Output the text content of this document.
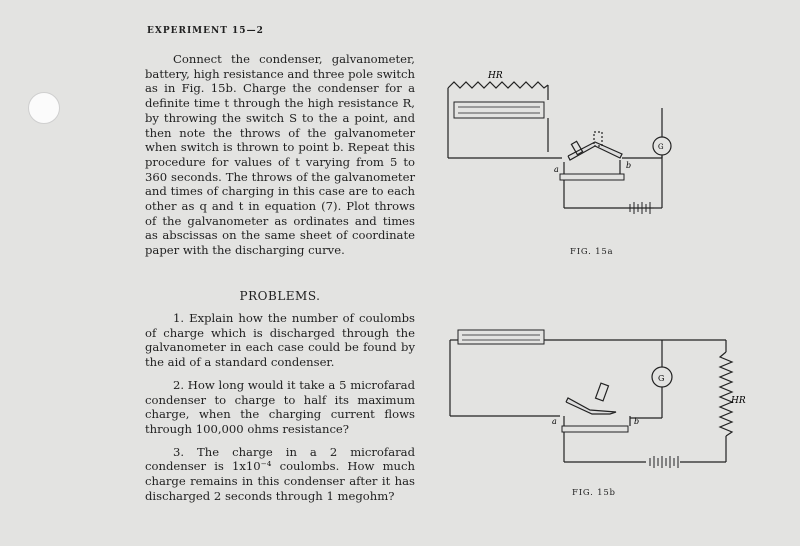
EXPERIMENT 15—2

Connect the condenser, galvanometer, battery, high resistance and three pole switch as in Fig. 15b. Charge the condenser for a definite time t through the high resistance R, by throwing the switch S to the a point, and then note the throws of the galvanometer when switch is thrown to point b. Repeat this procedure for values of t varying from 5 to 360 seconds. The throws of the galvanometer and times of charging in this case are to each other as q and t in equation (7). Plot throws of the galvanometer as ordinates and times as abscissas on the same sheet of coordinate paper with the discharging curve.

PROBLEMS.

1. Explain how the number of coulombs of charge which is discharged through the galvanometer in each case could be found by the aid of a standard condenser.

2. How long would it take a 5 microfarad condenser to charge to half its maximum charge, when the charging current flows through 100,000 ohms resistance?

3. The charge in a 2 microfarad condenser is 1x10⁻⁴ coulombs. How much charge remains in this condenser after it has discharged 2 seconds through 1 megohm?

HR
G
a	b
FIG. 15a
HR
G
a	b
FIG. 15b
